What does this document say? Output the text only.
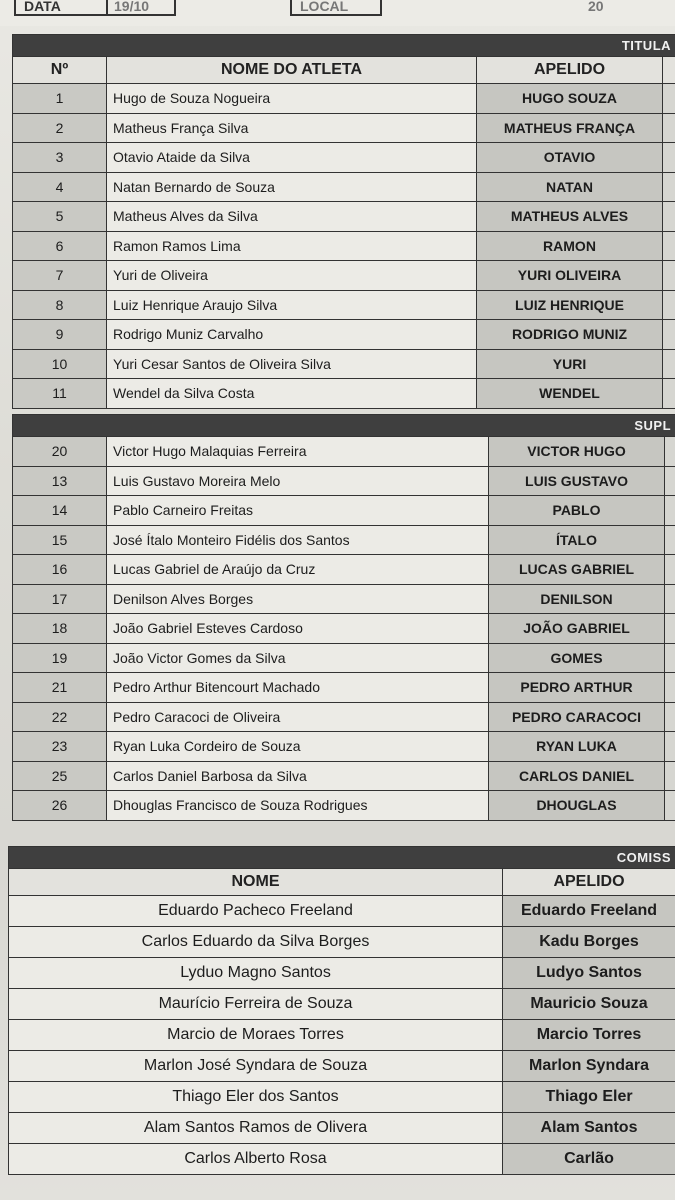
DATA	19/10	LOCAL	20
TITULA			
Nº	NOME DO ATLETA	APELIDO	
1	Hugo de Souza Nogueira	HUGO SOUZA	
2	Matheus França Silva	MATHEUS FRANÇA	
3	Otavio Ataide da Silva	OTAVIO	
4	Natan Bernardo de Souza	NATAN	
5	Matheus Alves da Silva	MATHEUS ALVES	
6	Ramon Ramos Lima	RAMON	
7	Yuri de Oliveira	YURI OLIVEIRA	
8	Luiz Henrique Araujo Silva	LUIZ HENRIQUE	
9	Rodrigo Muniz Carvalho	RODRIGO MUNIZ	
10	Yuri Cesar Santos de Oliveira Silva	YURI	
11	Wendel da Silva Costa	WENDEL	
SUPL			
20	Victor Hugo Malaquias Ferreira	VICTOR HUGO	
13	Luis Gustavo Moreira Melo	LUIS GUSTAVO	
14	Pablo Carneiro Freitas	PABLO	
15	José Ítalo Monteiro Fidélis dos Santos	ÍTALO	
16	Lucas Gabriel de Araújo da Cruz	LUCAS GABRIEL	
17	Denilson Alves Borges	DENILSON	
18	João Gabriel Esteves Cardoso	JOÃO GABRIEL	
19	João Victor Gomes da Silva	GOMES	
21	Pedro Arthur Bitencourt Machado	PEDRO ARTHUR	
22	Pedro Caracoci de Oliveira	PEDRO CARACOCI	
23	Ryan Luka Cordeiro de Souza	RYAN LUKA	
25	Carlos Daniel Barbosa da Silva	CARLOS DANIEL	
26	Dhouglas Francisco de Souza Rodrigues	DHOUGLAS	
COMISS	
NOME	APELIDO
Eduardo Pacheco Freeland	Eduardo Freeland
Carlos Eduardo da Silva Borges	Kadu Borges
Lyduo Magno Santos	Ludyo Santos
Maurício Ferreira de Souza	Mauricio Souza
Marcio de Moraes Torres	Marcio Torres
Marlon José Syndara de Souza	Marlon Syndara
Thiago Eler dos Santos	Thiago Eler
Alam Santos Ramos de Olivera	Alam Santos
Carlos Alberto Rosa	Carlão
